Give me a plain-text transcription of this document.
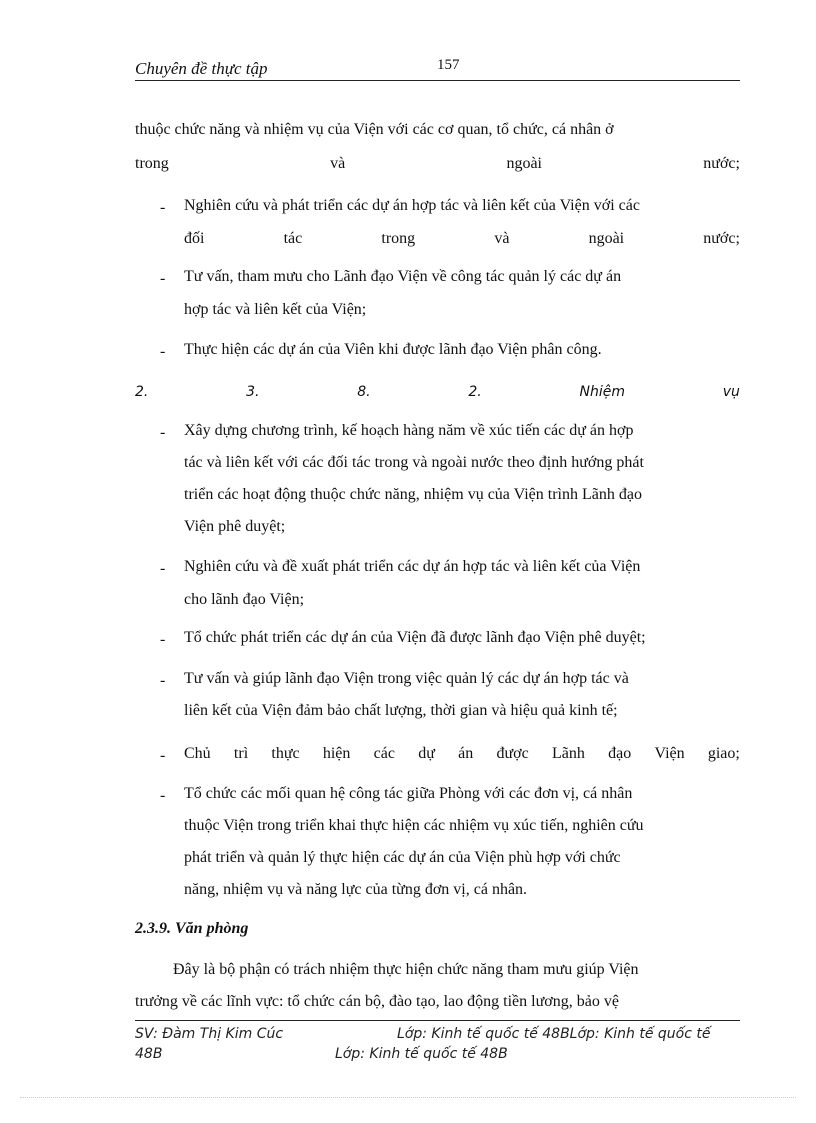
Chuyên đề thực tập	157
thuộc chức năng và nhiệm vụ của Viện với các cơ quan, tổ chức, cá nhân ở
trong	và	ngoài	nước;
- Nghiên cứu và phát triển các dự án hợp tác và liên kết của Viện với các
đối	tác	trong	và	ngoài	nước;
- Tư vấn, tham mưu cho Lãnh đạo Viện về công tác quản lý các dự án
hợp tác và liên kết của Viện;
- Thực hiện các dự án của Viên khi được lãnh đạo Viện phân công.
2.	3.	8.	2.	Nhiệm	vụ
- Xây dựng chương trình, kế hoạch hàng năm về xúc tiến các dự án hợp
tác và liên kết với các đối tác trong và ngoài nước theo định hướng phát
triển các hoạt động thuộc chức năng, nhiệm vụ của Viện trình Lãnh đạo
Viện phê duyệt;
- Nghiên cứu và đề xuất phát triển các dự án hợp tác và liên kết của Viện
cho lãnh đạo Viện;
- Tổ chức phát triển các dự án của Viện đã được lãnh đạo Viện phê duyệt;
- Tư vấn và giúp lãnh đạo Viện trong việc quản lý các dự án hợp tác và
liên kết của Viện đảm bảo chất lượng, thời gian và hiệu quả kinh tế;
- Chủ trì thực hiện các dự án được Lãnh đạo Viện giao;
- Tổ chức các mối quan hệ công tác giữa Phòng với các đơn vị, cá nhân
thuộc Viện trong triển khai thực hiện các nhiệm vụ xúc tiến, nghiên cứu
phát triển và quản lý thực hiện các dự án của Viện phù hợp với chức
năng, nhiệm vụ và năng lực của từng đơn vị, cá nhân.
2.3.9. Văn phòng
Đây là bộ phận có trách nhiệm thực hiện chức năng tham mưu giúp Viện
trưởng về các lĩnh vực: tổ chức cán bộ, đào tạo, lao động tiền lương, bảo vệ
SV: Đàm Thị Kim Cúc	Lớp: Kinh tế quốc tế 48BLớp: Kinh tế quốc tế
48B	Lớp: Kinh tế quốc tế 48B
